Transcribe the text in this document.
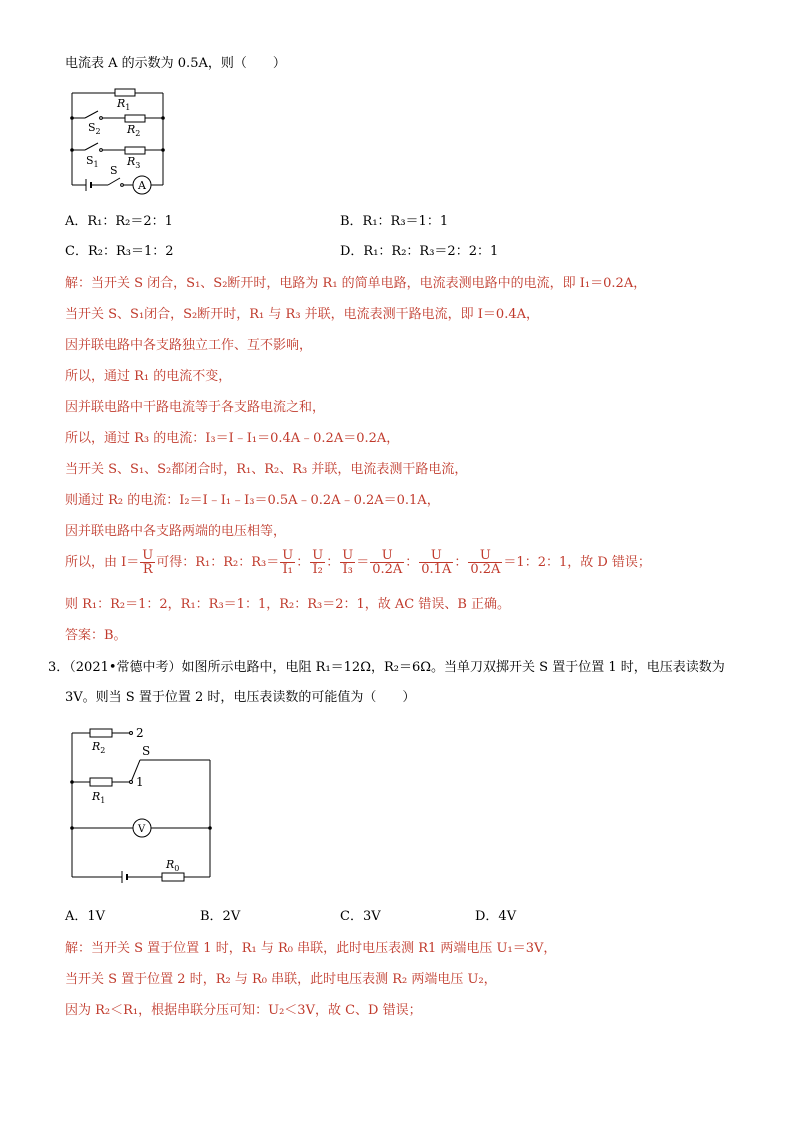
电流表 A 的示数为 0.5A，则（　　）
$R_1$
$R_2$
$R_3$
$S_2$
$S_1$ S
A
A．R₁：R₂＝2：1	B．R₁：R₃＝1：1
C．R₂：R₃＝1：2	D．R₁：R₂：R₃＝2：2：1
解：当开关 S 闭合，S₁、S₂断开时，电路为 R₁ 的简单电路，电流表测电路中的电流，即 I₁＝0.2A，
当开关 S、S₁闭合，S₂断开时，R₁ 与 R₃ 并联，电流表测干路电流，即 I＝0.4A，
因并联电路中各支路独立工作、互不影响，
所以，通过 R₁ 的电流不变，
因并联电路中干路电流等于各支路电流之和，
所以，通过 R₃ 的电流：I₃＝I﹣I₁＝0.4A﹣0.2A＝0.2A，
当开关 S、S₁、S₂都闭合时，R₁、R₂、R₃ 并联，电流表测干路电流，
则通过 R₂ 的电流：I₂＝I﹣I₁﹣I₃＝0.5A﹣0.2A﹣0.2A＝0.1A，
因并联电路中各支路两端的电压相等，
所以，由 $I= \frac{U}{R}$ 可得：R₁：R₂：$R_3= \frac{U}{\text{I₁}}$ ： $\frac{U}{\text{I₂}}$ ： $\frac{U}{\text{I₃}} = \frac{U}{0.2A}$ ： $\frac{U}{0.1A}$ ： $\frac{U}{0.2A} =1$：2：1，故 D 错误；
则 R₁：R₂＝1：2，R₁：R₃＝1：1，R₂：R₃＝2：1，故 AC 错误、B 正确。
答案：B。
3．（2021•常德中考）如图所示电路中，电阻 R₁＝12Ω，R₂＝6Ω。当单刀双掷开关 S 置于位置 1 时，电压表读数为
3V。则当 S 置于位置 2 时，电压表读数的可能值为（　　）
$R_2$
$R_1$
$R_0$
2
S
1
V
A．1V	B．2V	C．3V	D．4V
解：当开关 S 置于位置 1 时，R₁ 与 R₀ 串联，此时电压表测 R1 两端电压 U₁＝3V，
当开关 S 置于位置 2 时，R₂ 与 R₀ 串联，此时电压表测 R₂ 两端电压 U₂，
因为 R₂＜R₁，根据串联分压可知：U₂＜3V，故 C、D 错误；
